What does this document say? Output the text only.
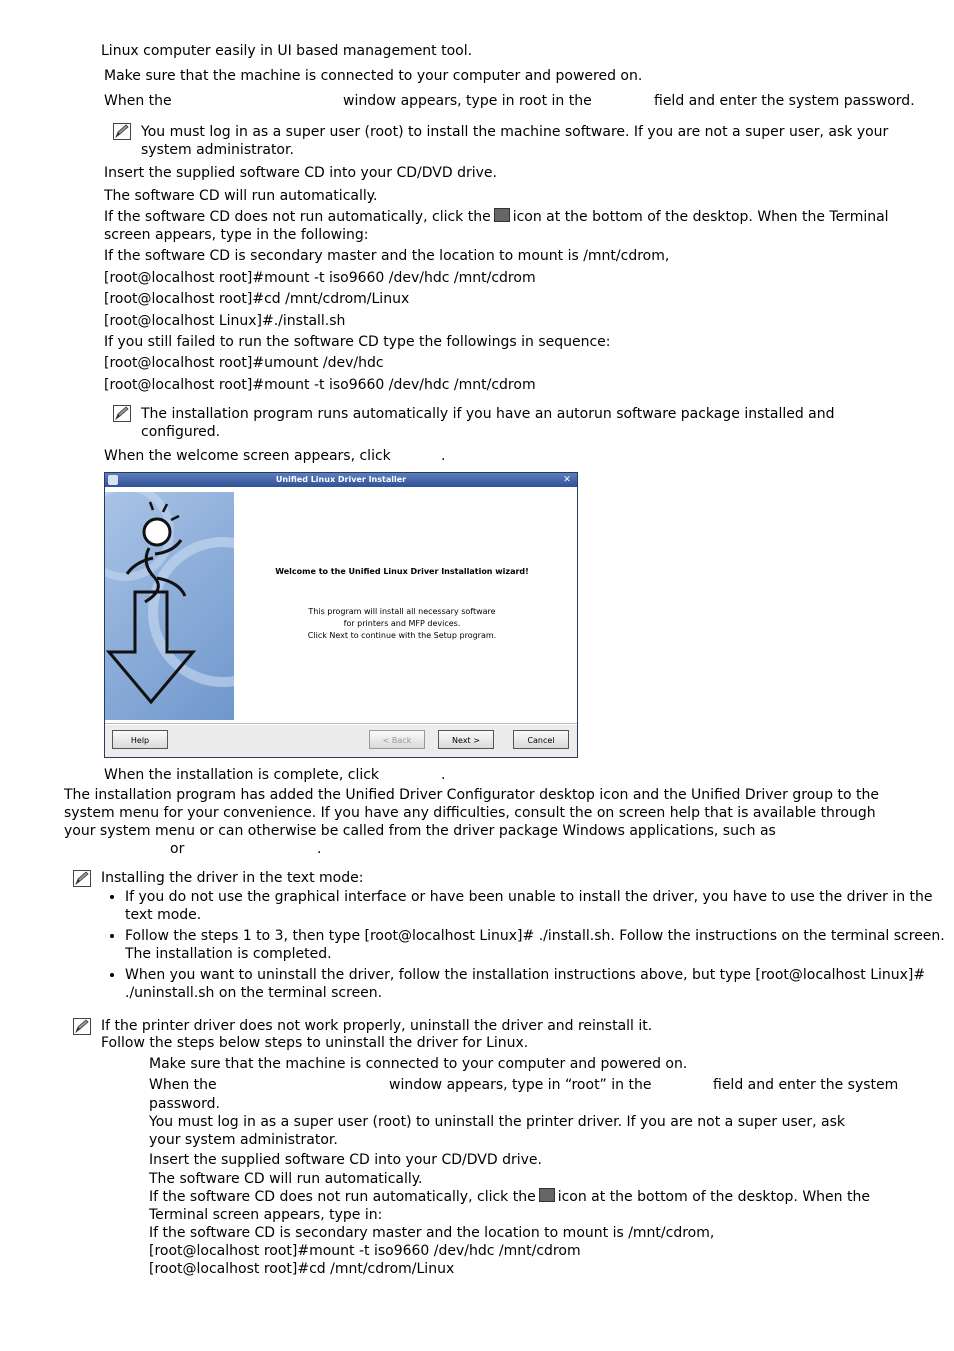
Linux computer easily in UI based management tool.
Make sure that the machine is connected to your computer and powered on.
When the	window appears, type in root in the	field and enter the system password.
You must log in as a super user (root) to install the machine software. If you are not a super user, ask your
system administrator.
Insert the supplied software CD into your CD/DVD drive.
The software CD will run automatically.
If the software CD does not run automatically, click the icon at the bottom of the desktop. When the Terminal
screen appears, type in the following:
If the software CD is secondary master and the location to mount is /mnt/cdrom,
[root@localhost root]#mount -t iso9660 /dev/hdc /mnt/cdrom
[root@localhost root]#cd /mnt/cdrom/Linux
[root@localhost Linux]#./install.sh
If you still failed to run the software CD type the followings in sequence:
[root@localhost root]#umount /dev/hdc
[root@localhost root]#mount -t iso9660 /dev/hdc /mnt/cdrom
The installation program runs automatically if you have an autorun software package installed and
configured.
When the welcome screen appears, click	.
Unified Linux Driver Installer	✕
Welcome to the Unified Linux Driver Installation wizard!
This program will install all necessary software
for printers and MFP devices.
Click Next to continue with the Setup program.
Help	< Back	Next >	Cancel
When the installation is complete, click	.
The installation program has added the Unified Driver Configurator desktop icon and the Unified Driver group to the
system menu for your convenience. If you have any difficulties, consult the on screen help that is available through
your system menu or can otherwise be called from the driver package Windows applications, such as
or	.
Installing the driver in the text mode:
• If you do not use the graphical interface or have been unable to install the driver, you have to use the driver in the text mode.
• Follow the steps 1 to 3, then type [root@localhost Linux]# ./install.sh. Follow the instructions on the terminal screen. The installation is completed.
• When you want to uninstall the driver, follow the installation instructions above, but type [root@localhost Linux]# ./uninstall.sh on the terminal screen.
If the printer driver does not work properly, uninstall the driver and reinstall it.
Follow the steps below steps to uninstall the driver for Linux.
Make sure that the machine is connected to your computer and powered on.
When the	window appears, type in “root” in the	field and enter the system
password.
You must log in as a super user (root) to uninstall the printer driver. If you are not a super user, ask
your system administrator.
Insert the supplied software CD into your CD/DVD drive.
The software CD will run automatically.
If the software CD does not run automatically, click the icon at the bottom of the desktop. When the
Terminal screen appears, type in:
If the software CD is secondary master and the location to mount is /mnt/cdrom,
[root@localhost root]#mount -t iso9660 /dev/hdc /mnt/cdrom
[root@localhost root]#cd /mnt/cdrom/Linux
